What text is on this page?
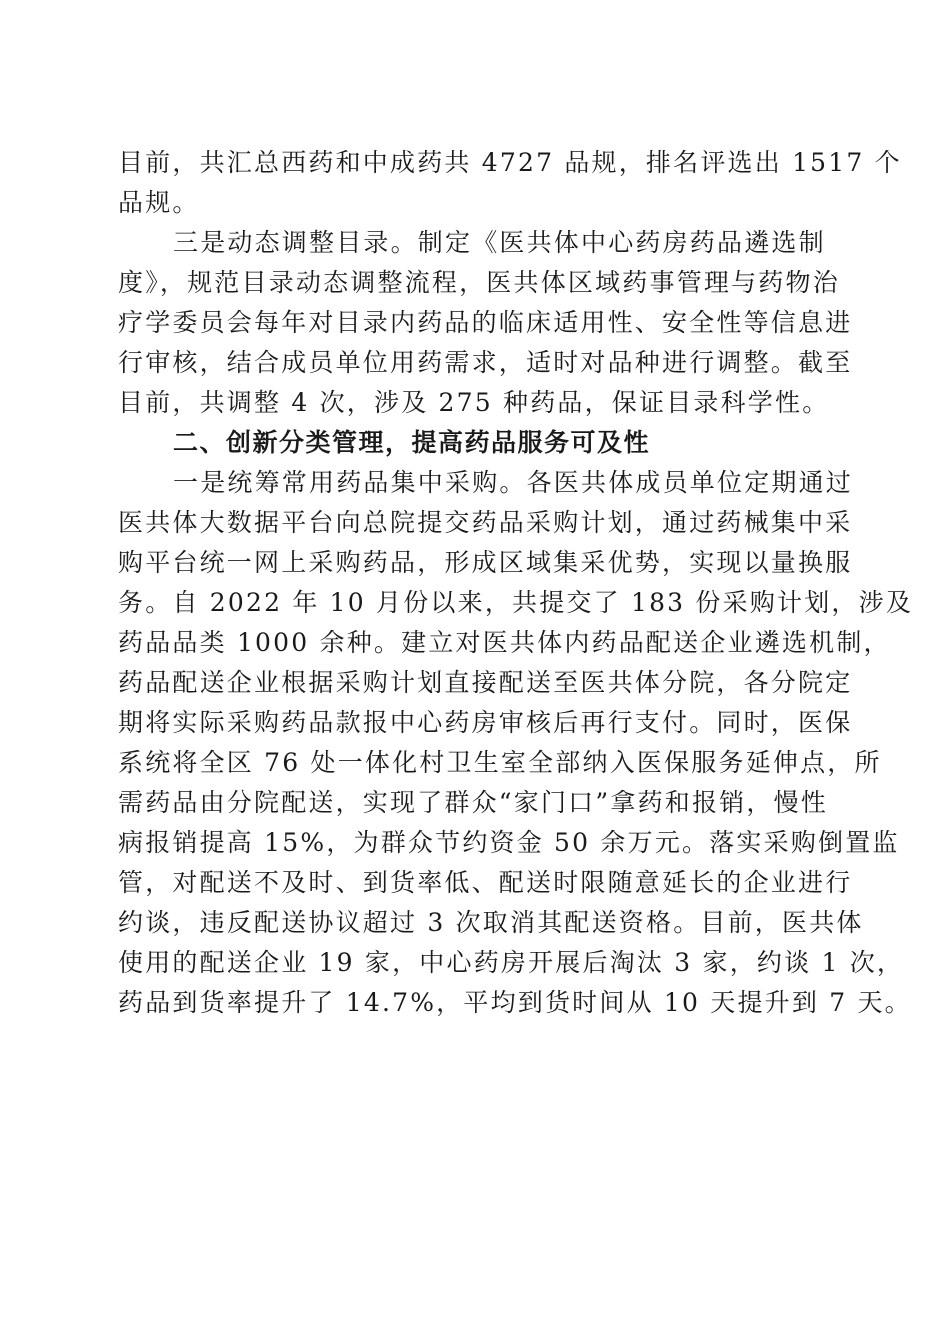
目前，共汇总西药和中成药共 4727 品规，排名评选出 1517 个
品规。
三是动态调整目录。制定《医共体中心药房药品遴选制
度》，规范目录动态调整流程，医共体区域药事管理与药物治
疗学委员会每年对目录内药品的临床适用性、安全性等信息进
行审核，结合成员单位用药需求，适时对品种进行调整。截至
目前，共调整 4 次，涉及 275 种药品，保证目录科学性。
二、创新分类管理，提高药品服务可及性
一是统筹常用药品集中采购。各医共体成员单位定期通过
医共体大数据平台向总院提交药品采购计划，通过药械集中采
购平台统一网上采购药品，形成区域集采优势，实现以量换服
务。自 2022 年 10 月份以来，共提交了 183 份采购计划，涉及
药品品类 1000 余种。建立对医共体内药品配送企业遴选机制，
药品配送企业根据采购计划直接配送至医共体分院，各分院定
期将实际采购药品款报中心药房审核后再行支付。同时，医保
系统将全区 76 处一体化村卫生室全部纳入医保服务延伸点，所
需药品由分院配送，实现了群众“家门口”拿药和报销，慢性
病报销提高 15%，为群众节约资金 50 余万元。落实采购倒置监
管，对配送不及时、到货率低、配送时限随意延长的企业进行
约谈，违反配送协议超过 3 次取消其配送资格。目前，医共体
使用的配送企业 19 家，中心药房开展后淘汰 3 家，约谈 1 次，
药品到货率提升了 14.7%，平均到货时间从 10 天提升到 7 天。
